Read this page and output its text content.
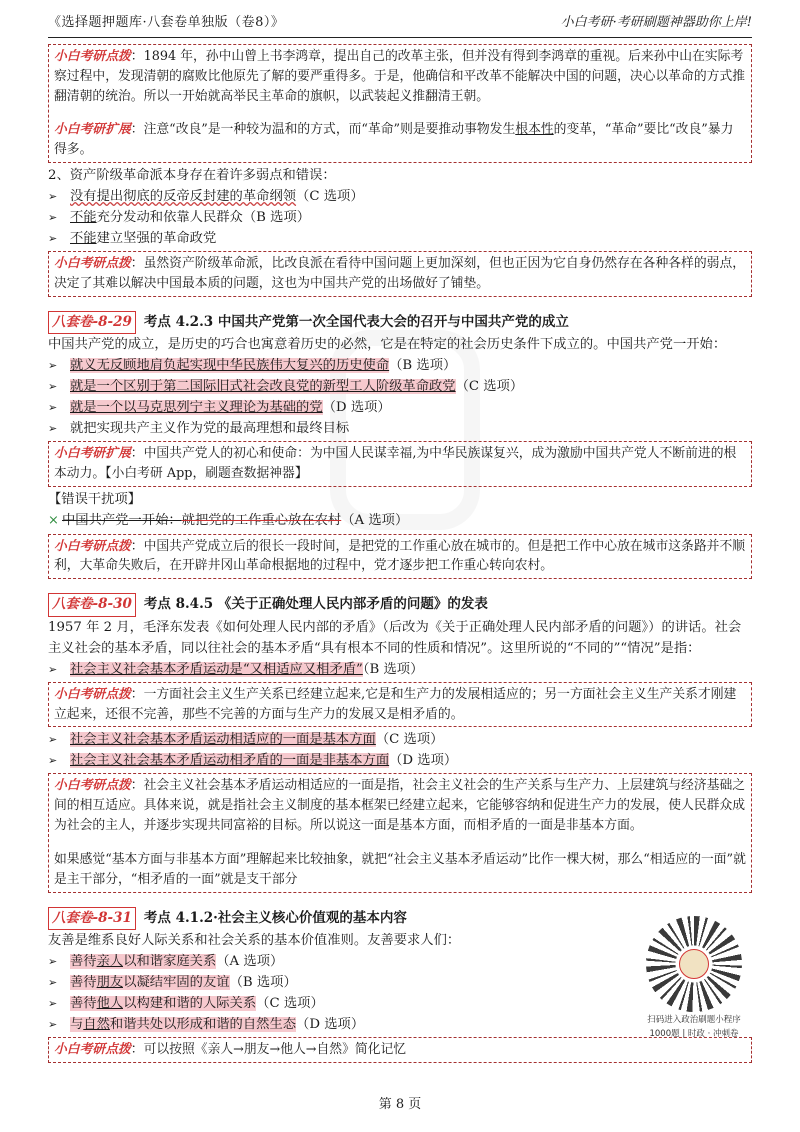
《选择题押题库·八套卷单独版（卷8）》	小白考研·考研刷题神器助你上岸!

小白考研点拨：1894 年，孙中山曾上书李鸿章，提出自己的改革主张，但并没有得到李鸿章的重视。后来孙中山在实际考察过程中，发现清朝的腐败比他原先了解的要严重得多。于是，他确信和平改革不能解决中国的问题，决心以革命的方式推翻清朝的统治。所以一开始就高举民主革命的旗帜，以武装起义推翻清王朝。

小白考研扩展：注意“改良”是一种较为温和的方式，而“革命”则是要推动事物发生根本性的变革，“革命”要比“改良”暴力得多。

2、资产阶级革命派本身存在着许多弱点和错误：
➢ 没有提出彻底的反帝反封建的革命纲领（C 选项）
➢ 不能充分发动和依靠人民群众（B 选项）
➢ 不能建立坚强的革命政党

小白考研点拨：虽然资产阶级革命派，比改良派在看待中国问题上更加深刻，但也正因为它自身仍然存在各种各样的弱点，决定了其难以解决中国最本质的问题，这也为中国共产党的出场做好了铺垫。

八套卷-8-29 考点 4.2.3 中国共产党第一次全国代表大会的召开与中国共产党的成立
中国共产党的成立，是历史的巧合也寓意着历史的必然，它是在特定的社会历史条件下成立的。中国共产党一开始：
➢ 就义无反顾地肩负起实现中华民族伟大复兴的历史使命（B 选项）
➢ 就是一个区别于第二国际旧式社会改良党的新型工人阶级革命政党（C 选项）
➢ 就是一个以马克思列宁主义理论为基础的党（D 选项）
➢ 就把实现共产主义作为党的最高理想和最终目标

小白考研扩展：中国共产党人的初心和使命：为中国人民谋幸福,为中华民族谋复兴，成为激励中国共产党人不断前进的根本动力。【小白考研 App，刷题查数据神器】

【错误干扰项】
× 中国共产党一开始：就把党的工作重心放在农村（A 选项）

小白考研点拨：中国共产党成立后的很长一段时间，是把党的工作重心放在城市的。但是把工作中心放在城市这条路并不顺利，大革命失败后，在开辟井冈山革命根据地的过程中，党才逐步把工作重心转向农村。

八套卷-8-30 考点 8.4.5 《关于正确处理人民内部矛盾的问题》的发表
1957 年 2 月，毛泽东发表《如何处理人民内部的矛盾》（后改为《关于正确处理人民内部矛盾的问题》）的讲话。社会主义社会的基本矛盾，同以往社会的基本矛盾“具有根本不同的性质和情况”。这里所说的“不同的”“情况”是指：
➢ 社会主义社会基本矛盾运动是“又相适应又相矛盾”（B 选项）

小白考研点拨：一方面社会主义生产关系已经建立起来,它是和生产力的发展相适应的；另一方面社会主义生产关系才刚建立起来，还很不完善，那些不完善的方面与生产力的发展又是相矛盾的。

➢ 社会主义社会基本矛盾运动相适应的一面是基本方面（C 选项）
➢ 社会主义社会基本矛盾运动相矛盾的一面是非基本方面（D 选项）

小白考研点拨：社会主义社会基本矛盾运动相适应的一面是指，社会主义社会的生产关系与生产力、上层建筑与经济基础之间的相互适应。具体来说，就是指社会主义制度的基本框架已经建立起来，它能够容纳和促进生产力的发展，使人民群众成为社会的主人，并逐步实现共同富裕的目标。所以说这一面是基本方面，而相矛盾的一面是非基本方面。

如果感觉“基本方面与非基本方面”理解起来比较抽象，就把“社会主义基本矛盾运动”比作一棵大树，那么“相适应的一面”就是主干部分，“相矛盾的一面”就是支干部分

八套卷-8-31 考点 4.1.2·社会主义核心价值观的基本内容
友善是维系良好人际关系和社会关系的基本价值准则。友善要求人们：
➢ 善待亲人以和谐家庭关系（A 选项）
➢ 善待朋友以凝结牢固的友谊（B 选项）
➢ 善待他人以构建和谐的人际关系（C 选项）
➢ 与自然和谐共处以形成和谐的自然生态（D 选项）

小白考研点拨：可以按照《亲人→朋友→他人→自然》简化记忆

扫码进入政治刷题小程序
1000题 | 时政 · 冲刺卷
第 8 页
